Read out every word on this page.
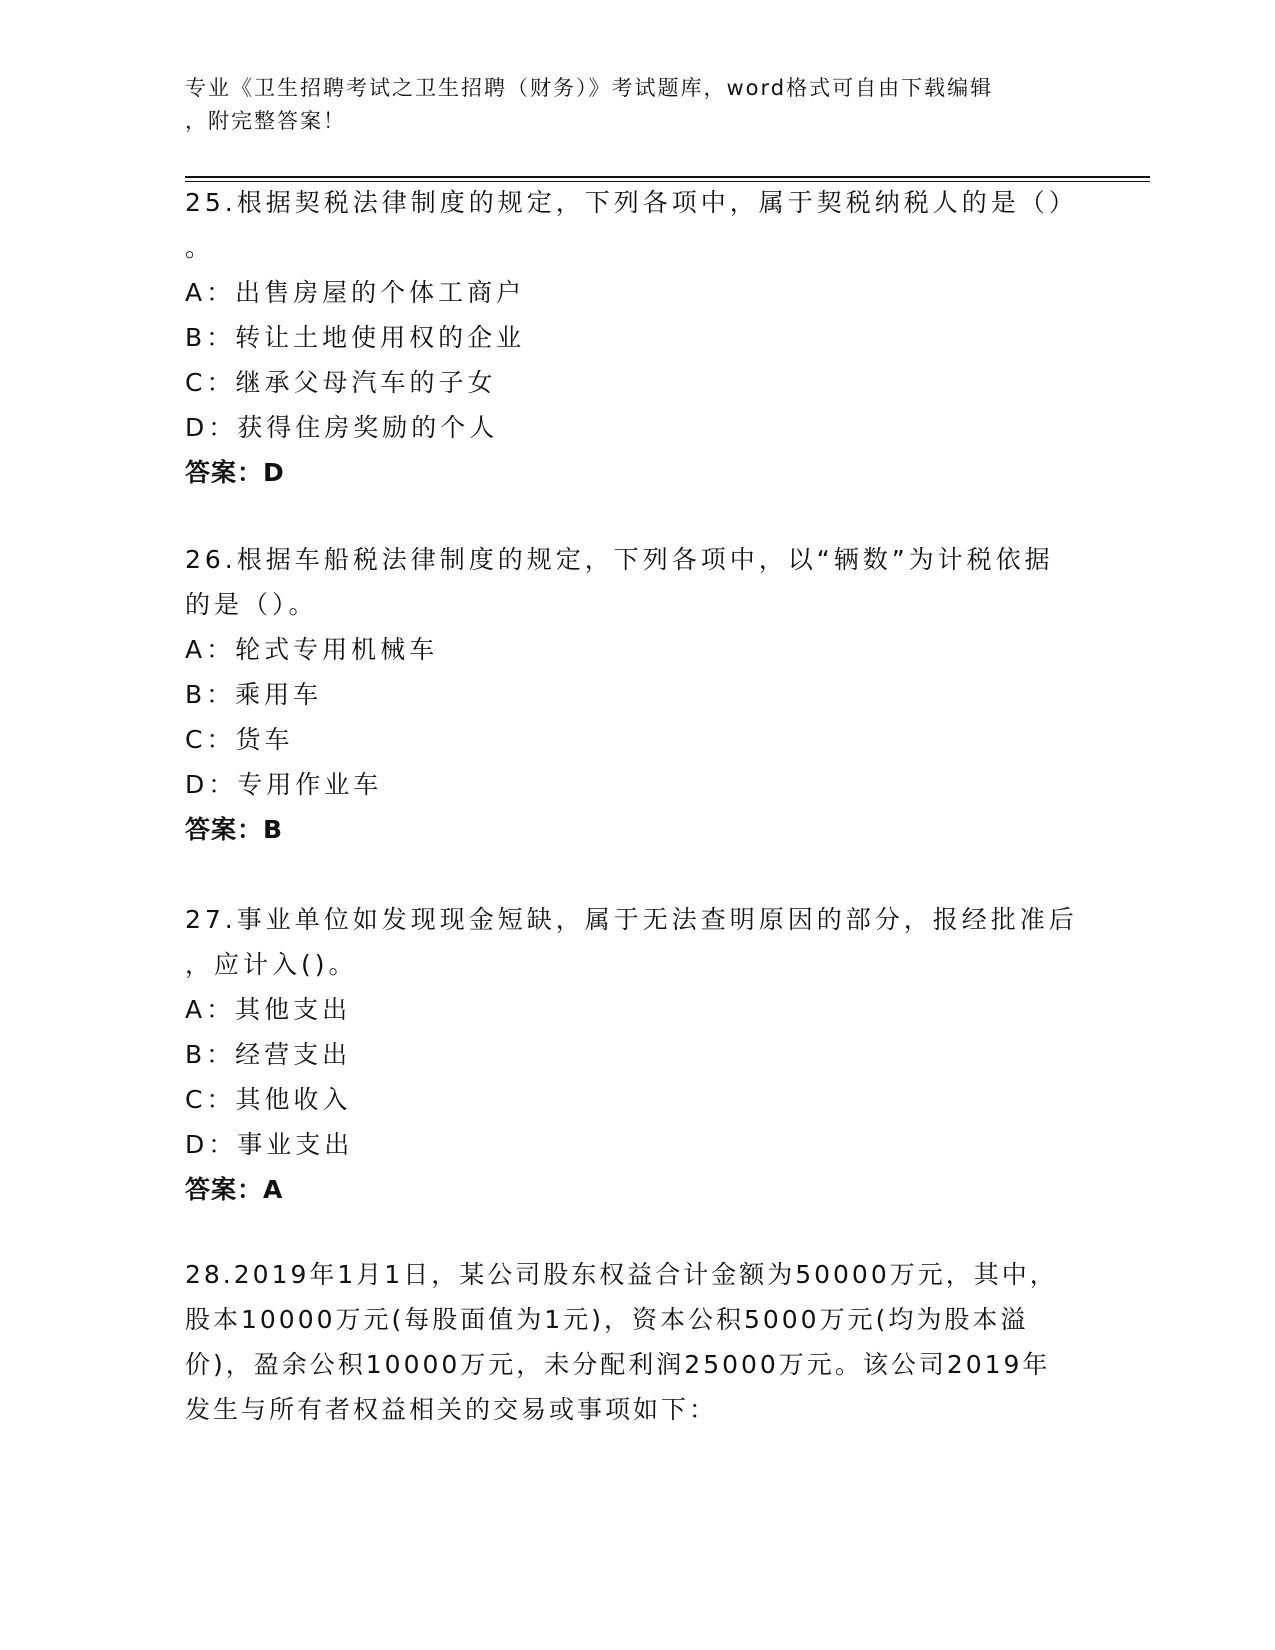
专业《卫生招聘考试之卫生招聘（财务）》考试题库，word格式可自由下载编辑
，附完整答案！
25.根据契税法律制度的规定，下列各项中，属于契税纳税人的是（）
。
A：出售房屋的个体工商户
B：转让土地使用权的企业
C：继承父母汽车的子女
D：获得住房奖励的个人
答案：D
26.根据车船税法律制度的规定，下列各项中，以“辆数”为计税依据
的是（）。
A：轮式专用机械车
B：乘用车
C：货车
D：专用作业车
答案：B
27.事业单位如发现现金短缺，属于无法查明原因的部分，报经批准后
，应计入()。
A：其他支出
B：经营支出
C：其他收入
D：事业支出
答案：A
28.2019年1月1日，某公司股东权益合计金额为50000万元，其中，
股本10000万元(每股面值为1元)，资本公积5000万元(均为股本溢
价)，盈余公积10000万元，未分配利润25000万元。该公司2019年
发生与所有者权益相关的交易或事项如下：
